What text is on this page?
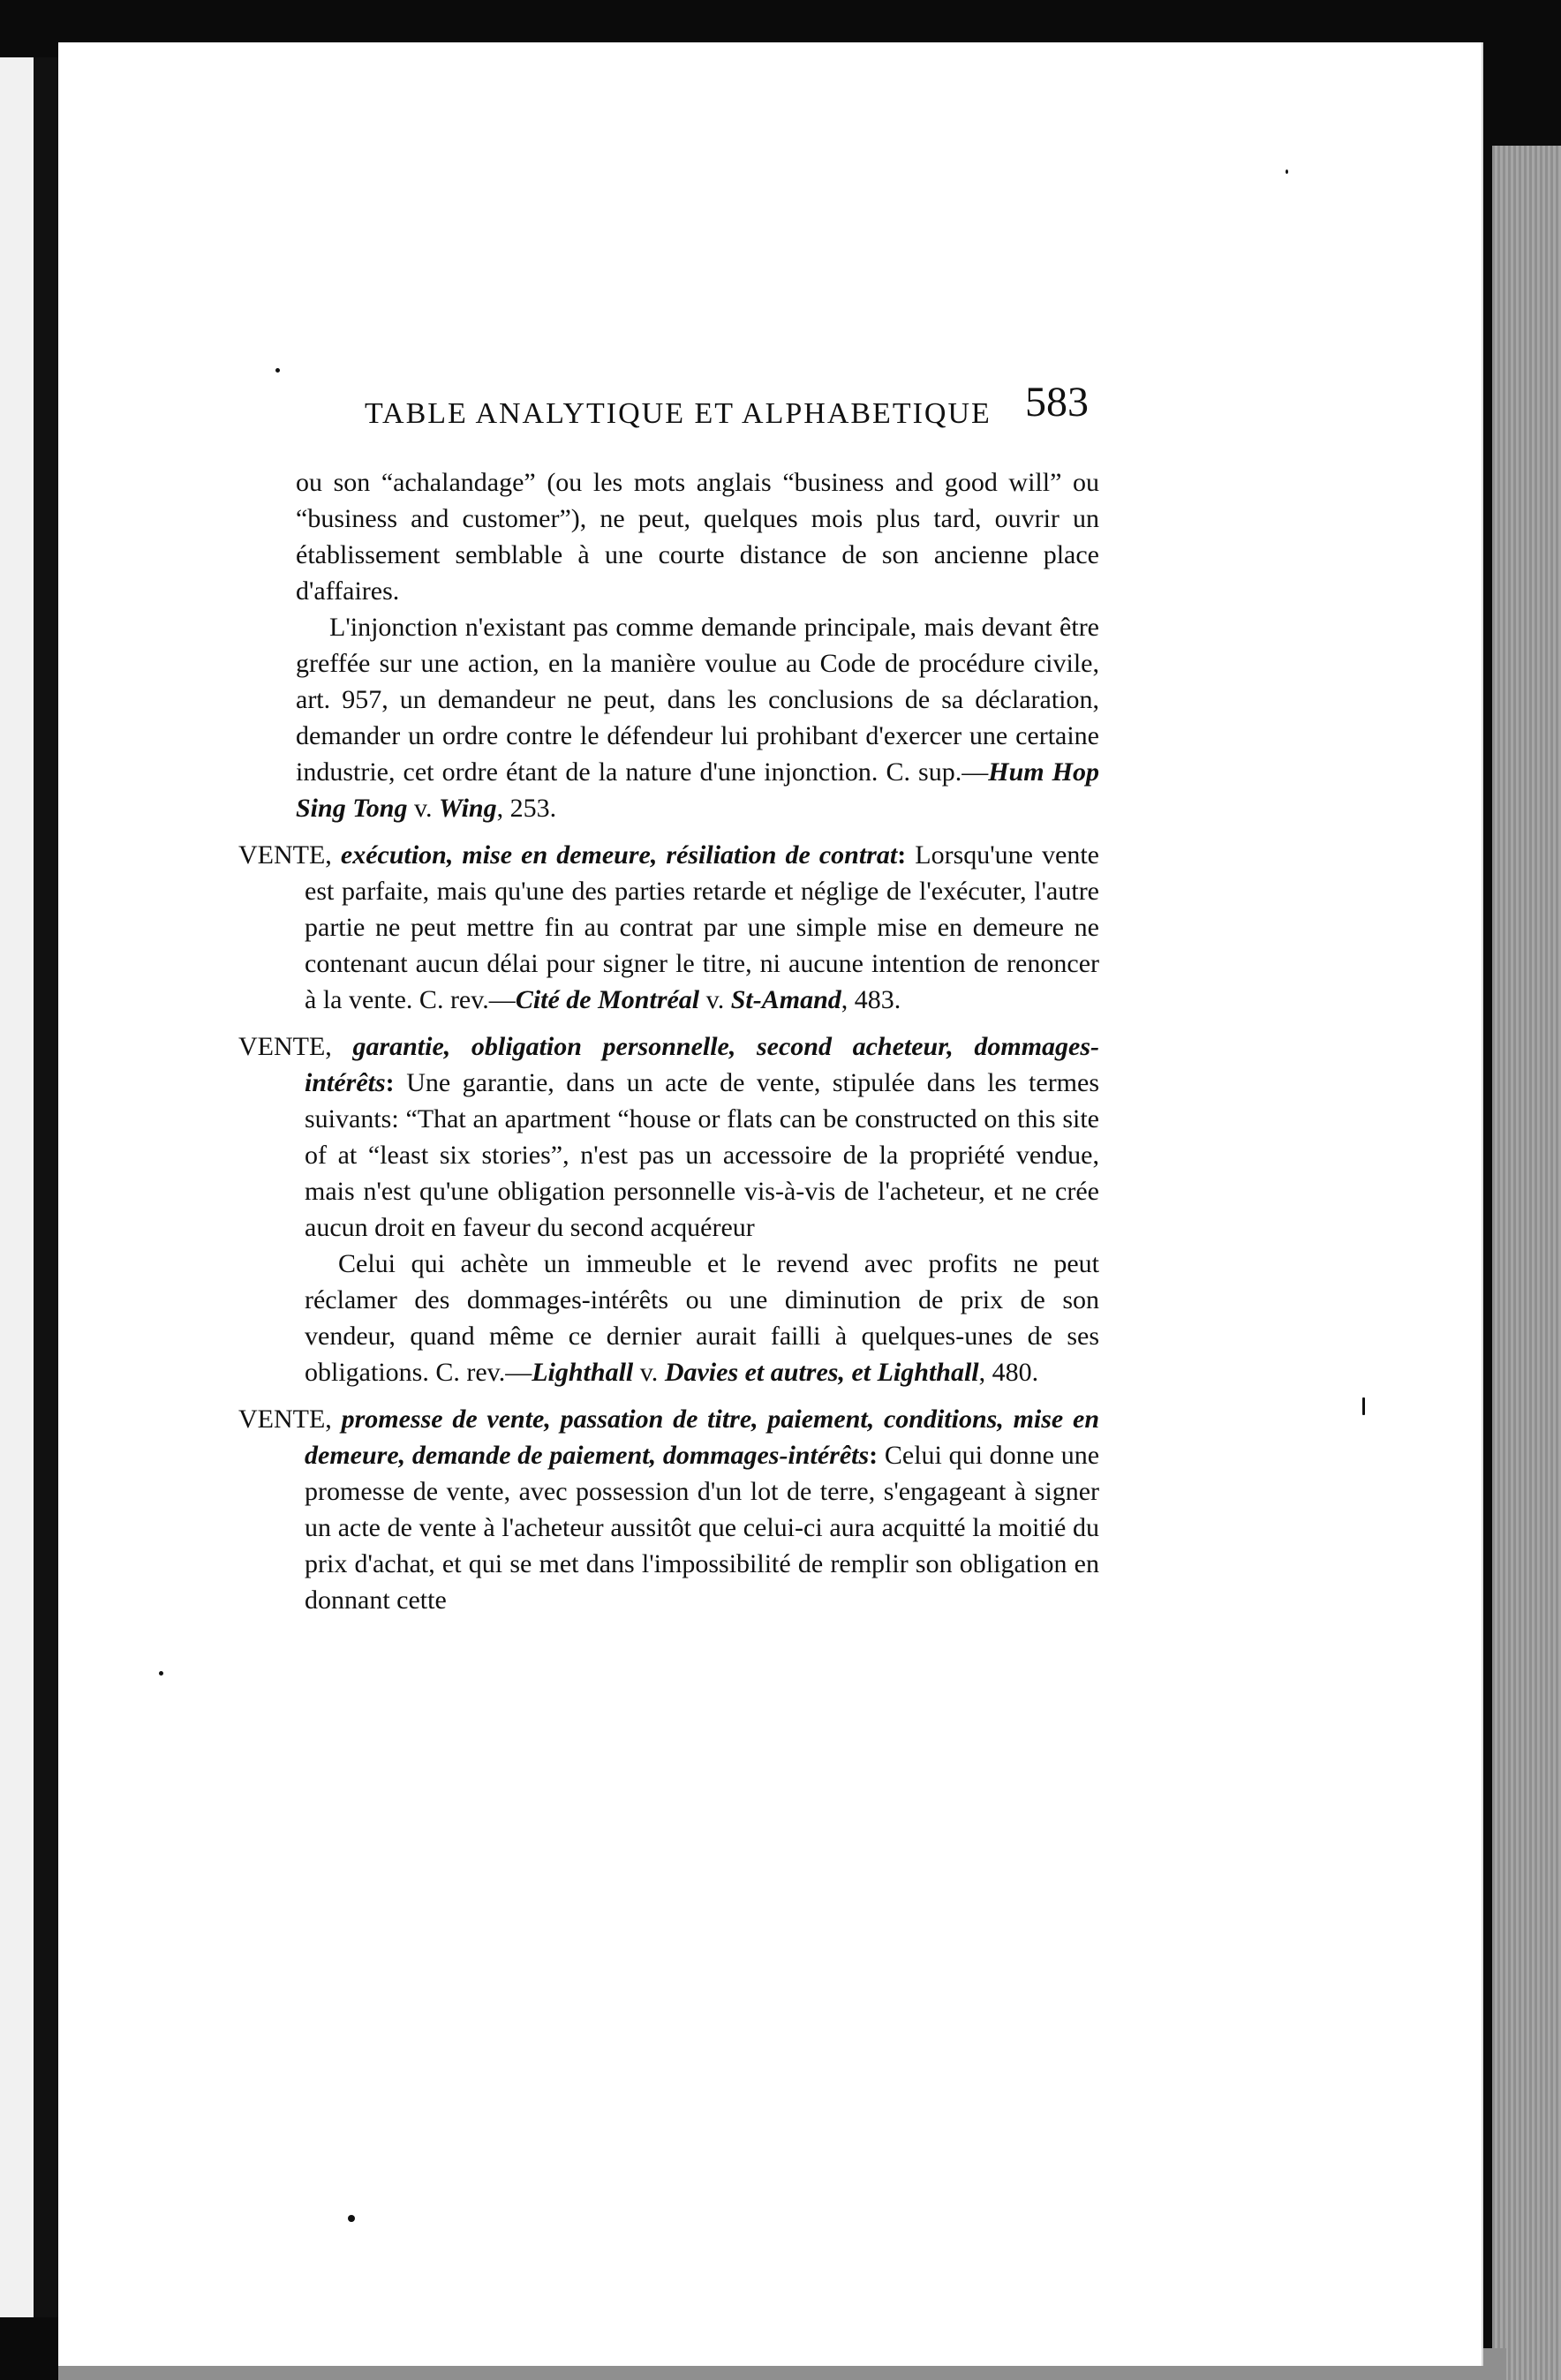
TABLE ANALYTIQUE ET ALPHABETIQUE 583

ou son “achalandage” (ou les mots anglais “business and good will” ou “business and customer”), ne peut, quelques mois plus tard, ouvrir un établissement semblable à une courte distance de son ancienne place d'affaires.

L'injonction n'existant pas comme demande principale, mais devant être greffée sur une action, en la manière voulue au Code de procédure civile, art. 957, un demandeur ne peut, dans les conclusions de sa déclaration, demander un ordre contre le défendeur lui prohibant d'exercer une certaine industrie, cet ordre étant de la nature d'une injonction. C. sup.—Hum Hop Sing Tong v. Wing, 253.

VENTE, exécution, mise en demeure, résiliation de contrat: Lorsqu'une vente est parfaite, mais qu'une des parties retarde et néglige de l'exécuter, l'autre partie ne peut mettre fin au contrat par une simple mise en demeure ne contenant aucun délai pour signer le titre, ni aucune intention de renoncer à la vente. C. rev.—Cité de Montréal v. St-Amand, 483.

VENTE, garantie, obligation personnelle, second acheteur, dommages-intérêts: Une garantie, dans un acte de vente, stipulée dans les termes suivants: “That an apartment “house or flats can be constructed on this site of at “least six stories”, n'est pas un accessoire de la propriété vendue, mais n'est qu'une obligation personnelle vis-à-vis de l'acheteur, et ne crée aucun droit en faveur du second acquéreur

Celui qui achète un immeuble et le revend avec profits ne peut réclamer des dommages-intérêts ou une diminution de prix de son vendeur, quand même ce dernier aurait failli à quelques-unes de ses obligations. C. rev.—Lighthall v. Davies et autres, et Lighthall, 480.

VENTE, promesse de vente, passation de titre, paiement, conditions, mise en demeure, demande de paiement, dommages-intérêts: Celui qui donne une promesse de vente, avec possession d'un lot de terre, s'engageant à signer un acte de vente à l'acheteur aussitôt que celui-ci aura acquitté la moitié du prix d'achat, et qui se met dans l'impossibilité de remplir son obligation en donnant cette
